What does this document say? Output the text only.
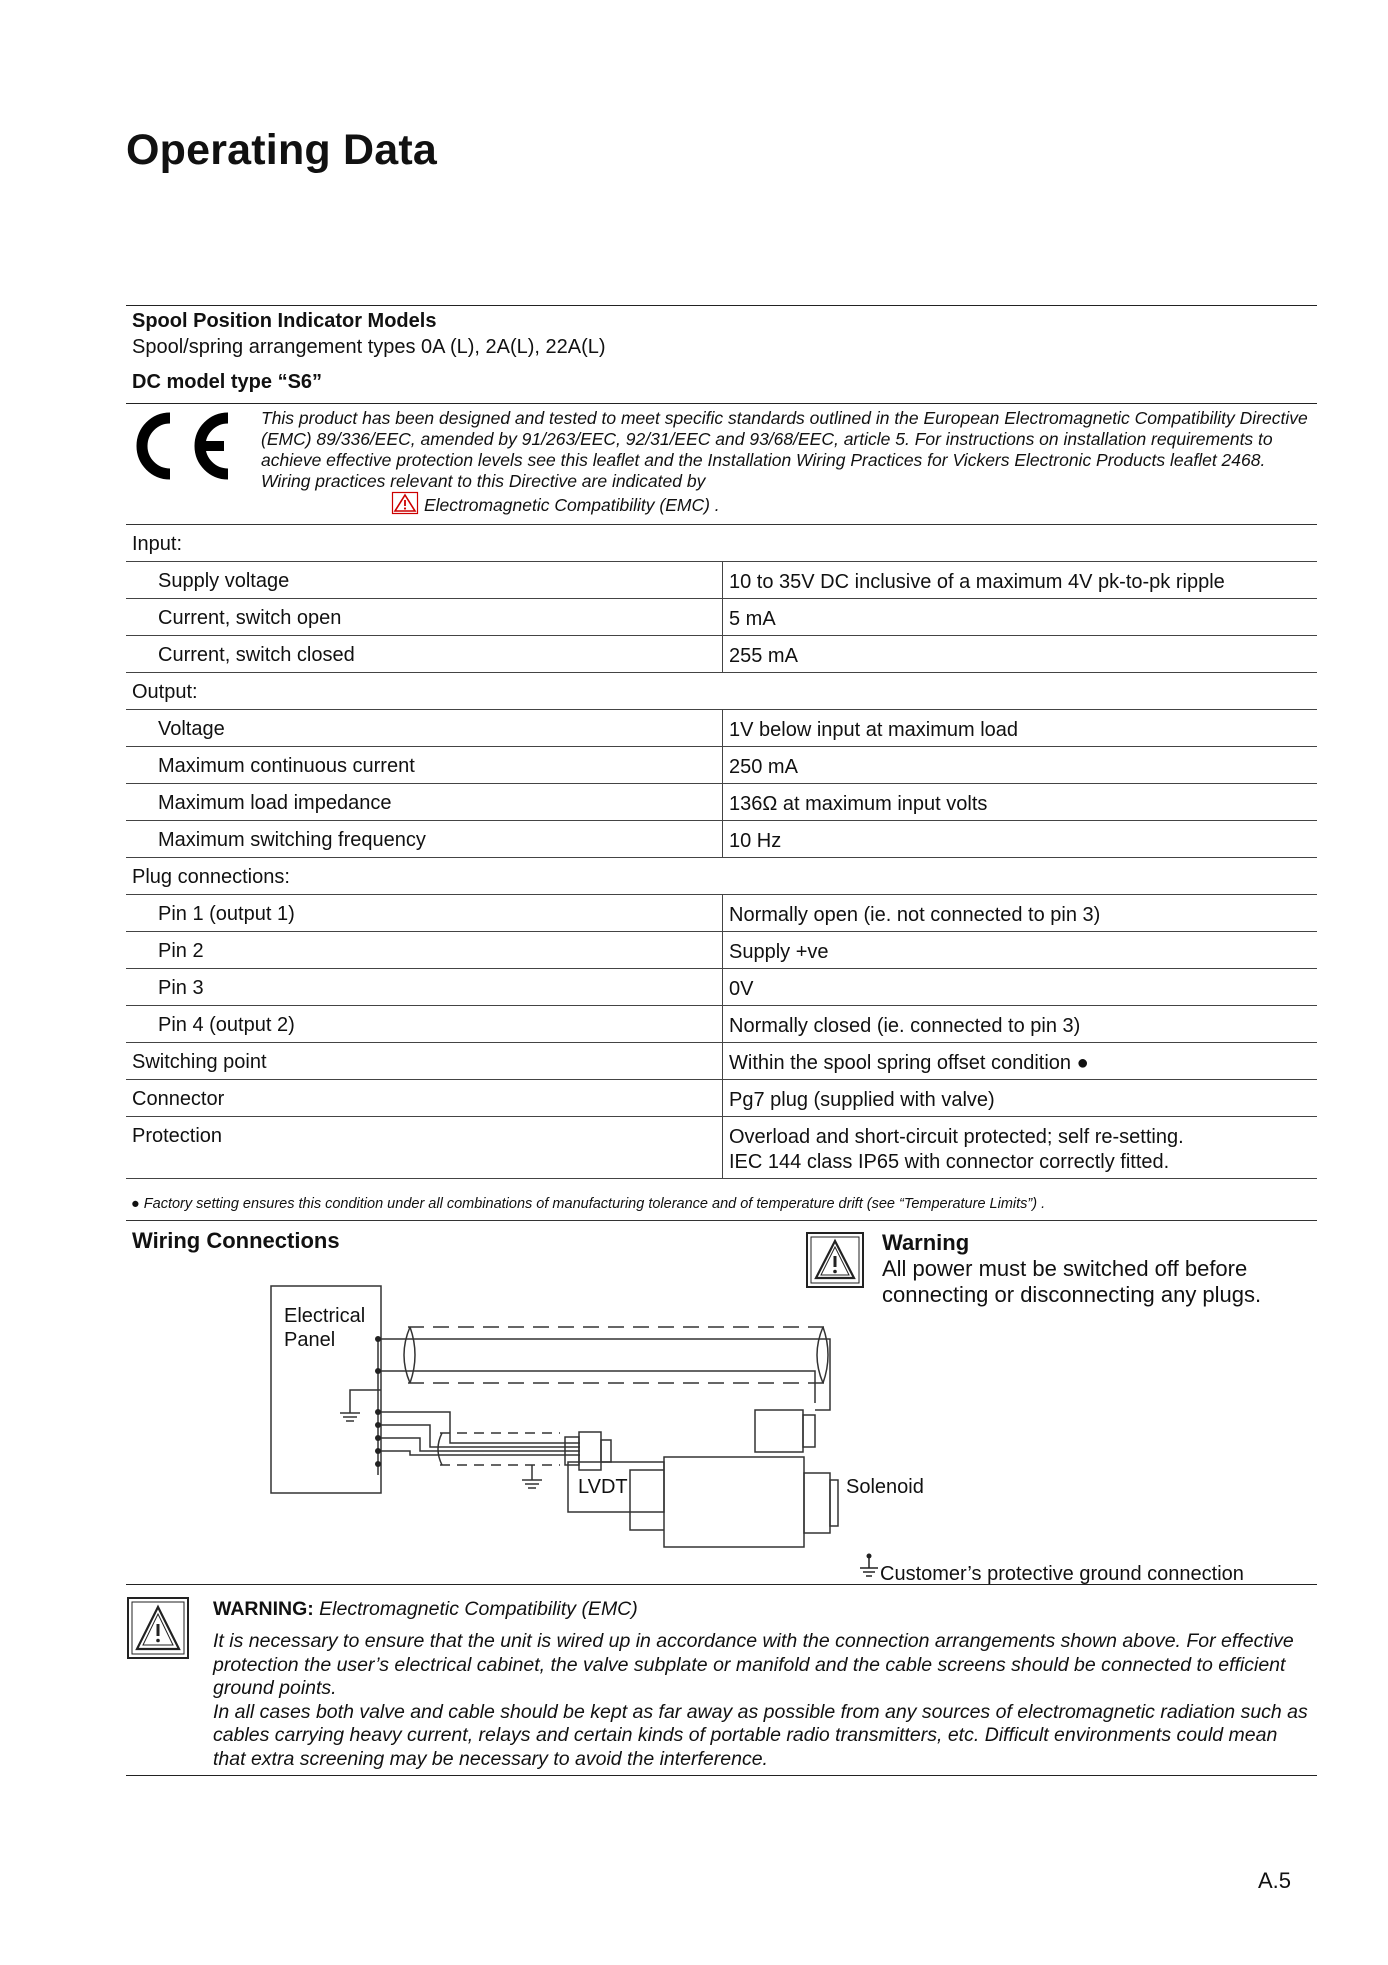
Operating Data
Spool Position Indicator Models
Spool/spring arrangement types 0A (L), 2A(L), 22A(L)
DC model type “S6”
This product has been designed and tested to meet specific standards outlined in the European Electromagnetic Compatibility Directive (EMC) 89/336/EEC, amended by 91/263/EEC, 92/31/EEC and 93/68/EEC, article 5. For instructions on installation requirements to achieve effective protection levels see this leaflet and the Installation Wiring Practices for Vickers Electronic Products leaflet 2468. Wiring practices relevant to this Directive are indicated by
Electromagnetic Compatibility (EMC) .
Input:
Supply voltage	10 to 35V DC inclusive of a maximum 4V pk-to-pk ripple
Current, switch open	5 mA
Current, switch closed	255 mA
Output:
Voltage	1V below input at maximum load
Maximum continuous current	250 mA
Maximum load impedance	136Ω at maximum input volts
Maximum switching frequency	10 Hz
Plug connections:
Pin 1 (output 1)	Normally open (ie. not connected to pin 3)
Pin 2	Supply +ve
Pin 3	0V
Pin 4 (output 2)	Normally closed (ie. connected to pin 3)
Switching point	Within the spool spring offset condition ●
Connector	Pg7 plug (supplied with valve)
Protection	Overload and short-circuit protected; self re-setting.
IEC 144 class IP65 with connector correctly fitted.
● Factory setting ensures this condition under all combinations of manufacturing tolerance and of temperature drift (see “Temperature Limits”) .
Wiring Connections	Warning
All power must be switched off before connecting or disconnecting any plugs.
Electrical
Panel
LVDT	Solenoid
Customer’s protective ground connection
WARNING: Electromagnetic Compatibility (EMC)
It is necessary to ensure that the unit is wired up in accordance with the connection arrangements shown above. For effective protection the user’s electrical cabinet, the valve subplate or manifold and the cable screens should be connected to efficient ground points.
In all cases both valve and cable should be kept as far away as possible from any sources of electromagnetic radiation such as cables carrying heavy current, relays and certain kinds of portable radio transmitters, etc. Difficult environments could mean that extra screening may be necessary to avoid the interference.
A.5
